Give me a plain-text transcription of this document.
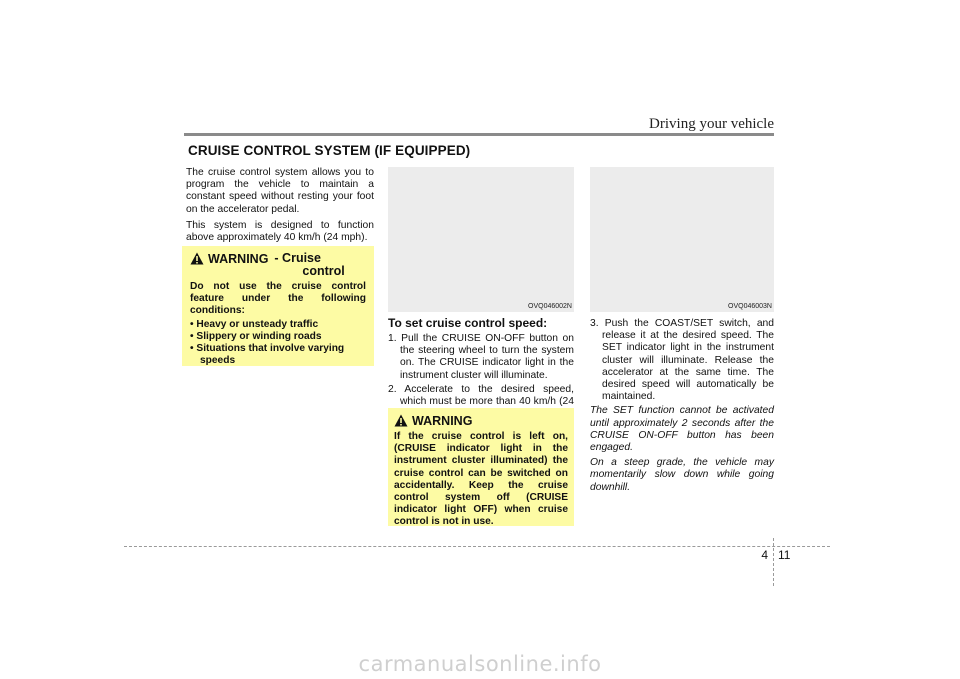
Driving your vehicle
CRUISE CONTROL SYSTEM (IF EQUIPPED)

The cruise control system allows you to program the vehicle to maintain a constant speed without resting your foot on the accelerator pedal.

This system is designed to function above approximately 40 km/h (24 mph).

WARNING - Cruise
control

Do not use the cruise control feature under the following conditions:

• Heavy or unsteady traffic
• Slippery or winding roads
• Situations that involve varying speeds
OVQ046002N	OVQ046003N
To set cruise control speed:
1. Pull the CRUISE ON-OFF button on the steering wheel to turn the system on. The CRUISE indicator light in the instrument cluster will illuminate.
2. Accelerate to the desired speed, which must be more than 40 km/h (24
WARNING

If the cruise control is left on, (CRUISE indicator light in the instrument cluster illuminated) the cruise control can be switched on accidentally. Keep the cruise control system off (CRUISE indicator light OFF) when cruise control is not in use.

3. Push the COAST/SET switch, and release it at the desired speed. The SET indicator light in the instrument cluster will illuminate. Release the accelerator at the same time. The desired speed will automatically be maintained.

The SET function cannot be activated until approximately 2 seconds after the CRUISE ON-OFF button has been engaged.

On a steep grade, the vehicle may momentarily slow down while going downhill.

4 11
carmanualsonline.info
